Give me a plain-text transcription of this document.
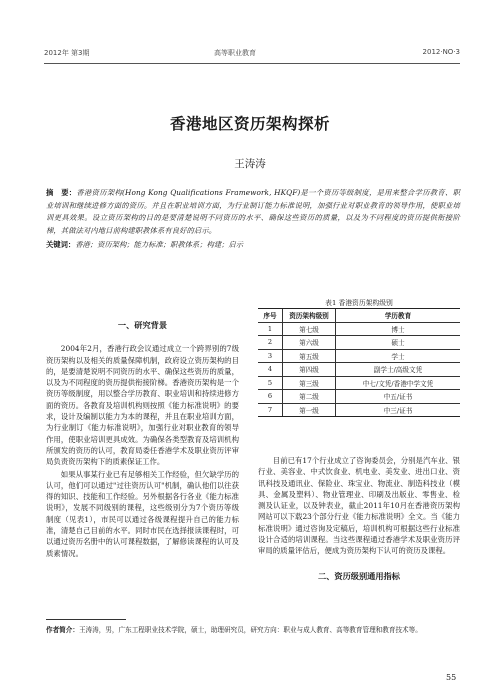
2012年 第3期	高等职业教育	2012·NO·3
香港地区资历架构探析
王涛涛
摘　要：香港资历架构(Hong Kong Qualifications Framework, HKQF)是一个资历等级制度，是用来整合学历教育、职业培训和继续进修方面的资历。并且在职业培训方面，为行业制订能力标准说明，加强行业对职业教育的领导作用，使职业培训更具效果。设立资历架构的目的是要清楚说明不同资历的水平、确保这些资历的质量，以及为不同程度的资历提供衔接阶梯，其做法对内地目前构建职教体系有良好的启示。
关键词：香港；资历架构；能力标准；职教体系；构建；启示
一、研究背景

2004年2月，香港行政会议通过成立一个跨界别的7级资历架构以及相关的质量保障机制，政府设立资历架构的目的，是要清楚说明不同资历的水平、确保这些资历的质量，以及为不同程度的资历提供衔接阶梯。香港资历架构是一个资历等级制度，用以整合学历教育、职业培训和持续进修方面的资历。各教育及培训机构则按照《能力标准说明》的要求，设计及编制以能力为本的课程，并且在职业培训方面，为行业制订《能力标准说明》，加强行业对职业教育的领导作用，使职业培训更具成效。为确保各类型教育及培训机构所颁发的资历的认可，教育局委任香港学术及职业资历评审局负责资历架构下的质素保证工作。

如果从事某行业已有足够相关工作经验，但欠缺学历的认可，他们可以通过"过往资历认可"机制，确认他们以往获得的知识、技能和工作经验。另外根据各行各业《能力标准说明》，发展不同级别的课程，这些级别分为7个资历等级制度（见表1），市民可以通过各级课程提升自己的能力标准，清楚自己目前的水平。同时市民在选择报读课程时，可以通过资历名册中的认可课程数据，了解修读课程的认可及质素情况。

表1 香港资历架构级别
序号	资历架构级别	学历教育
1	第七级	博士
2	第六级	硕士
3	第五级	学士
4	第四级	副学士/高级文凭
5	第三级	中七/文凭/香港中学文凭
6	第二级	中五/证书
7	第一级	中三/证书

目前已有17个行业成立了咨询委员会，分别是汽车业、银行业、美容业、中式饮食业、机电业、美发业、进出口业、资讯科技及通讯业、保险业、珠宝业、物流业、制造科技业（模具、金属及塑料）、物业管理业、印刷及出版业、零售业、检测及认证业，以及钟表业，截止2011年10月在香港资历架构网站可以下载23个部分行业《能力标准说明》全文。当《能力标准说明》通过咨询及定稿后，培训机构可根据这些行业标准设计合适的培训课程。当这些课程通过香港学术及职业资历评审局的质量评估后，便成为资历架构下认可的资历及课程。

二、资历级别通用指标
作者简介：王涛涛，男，广东工程职业技术学院，硕士，助理研究员，研究方向：职业与成人教育、高等教育管理和教育技术等。
55
